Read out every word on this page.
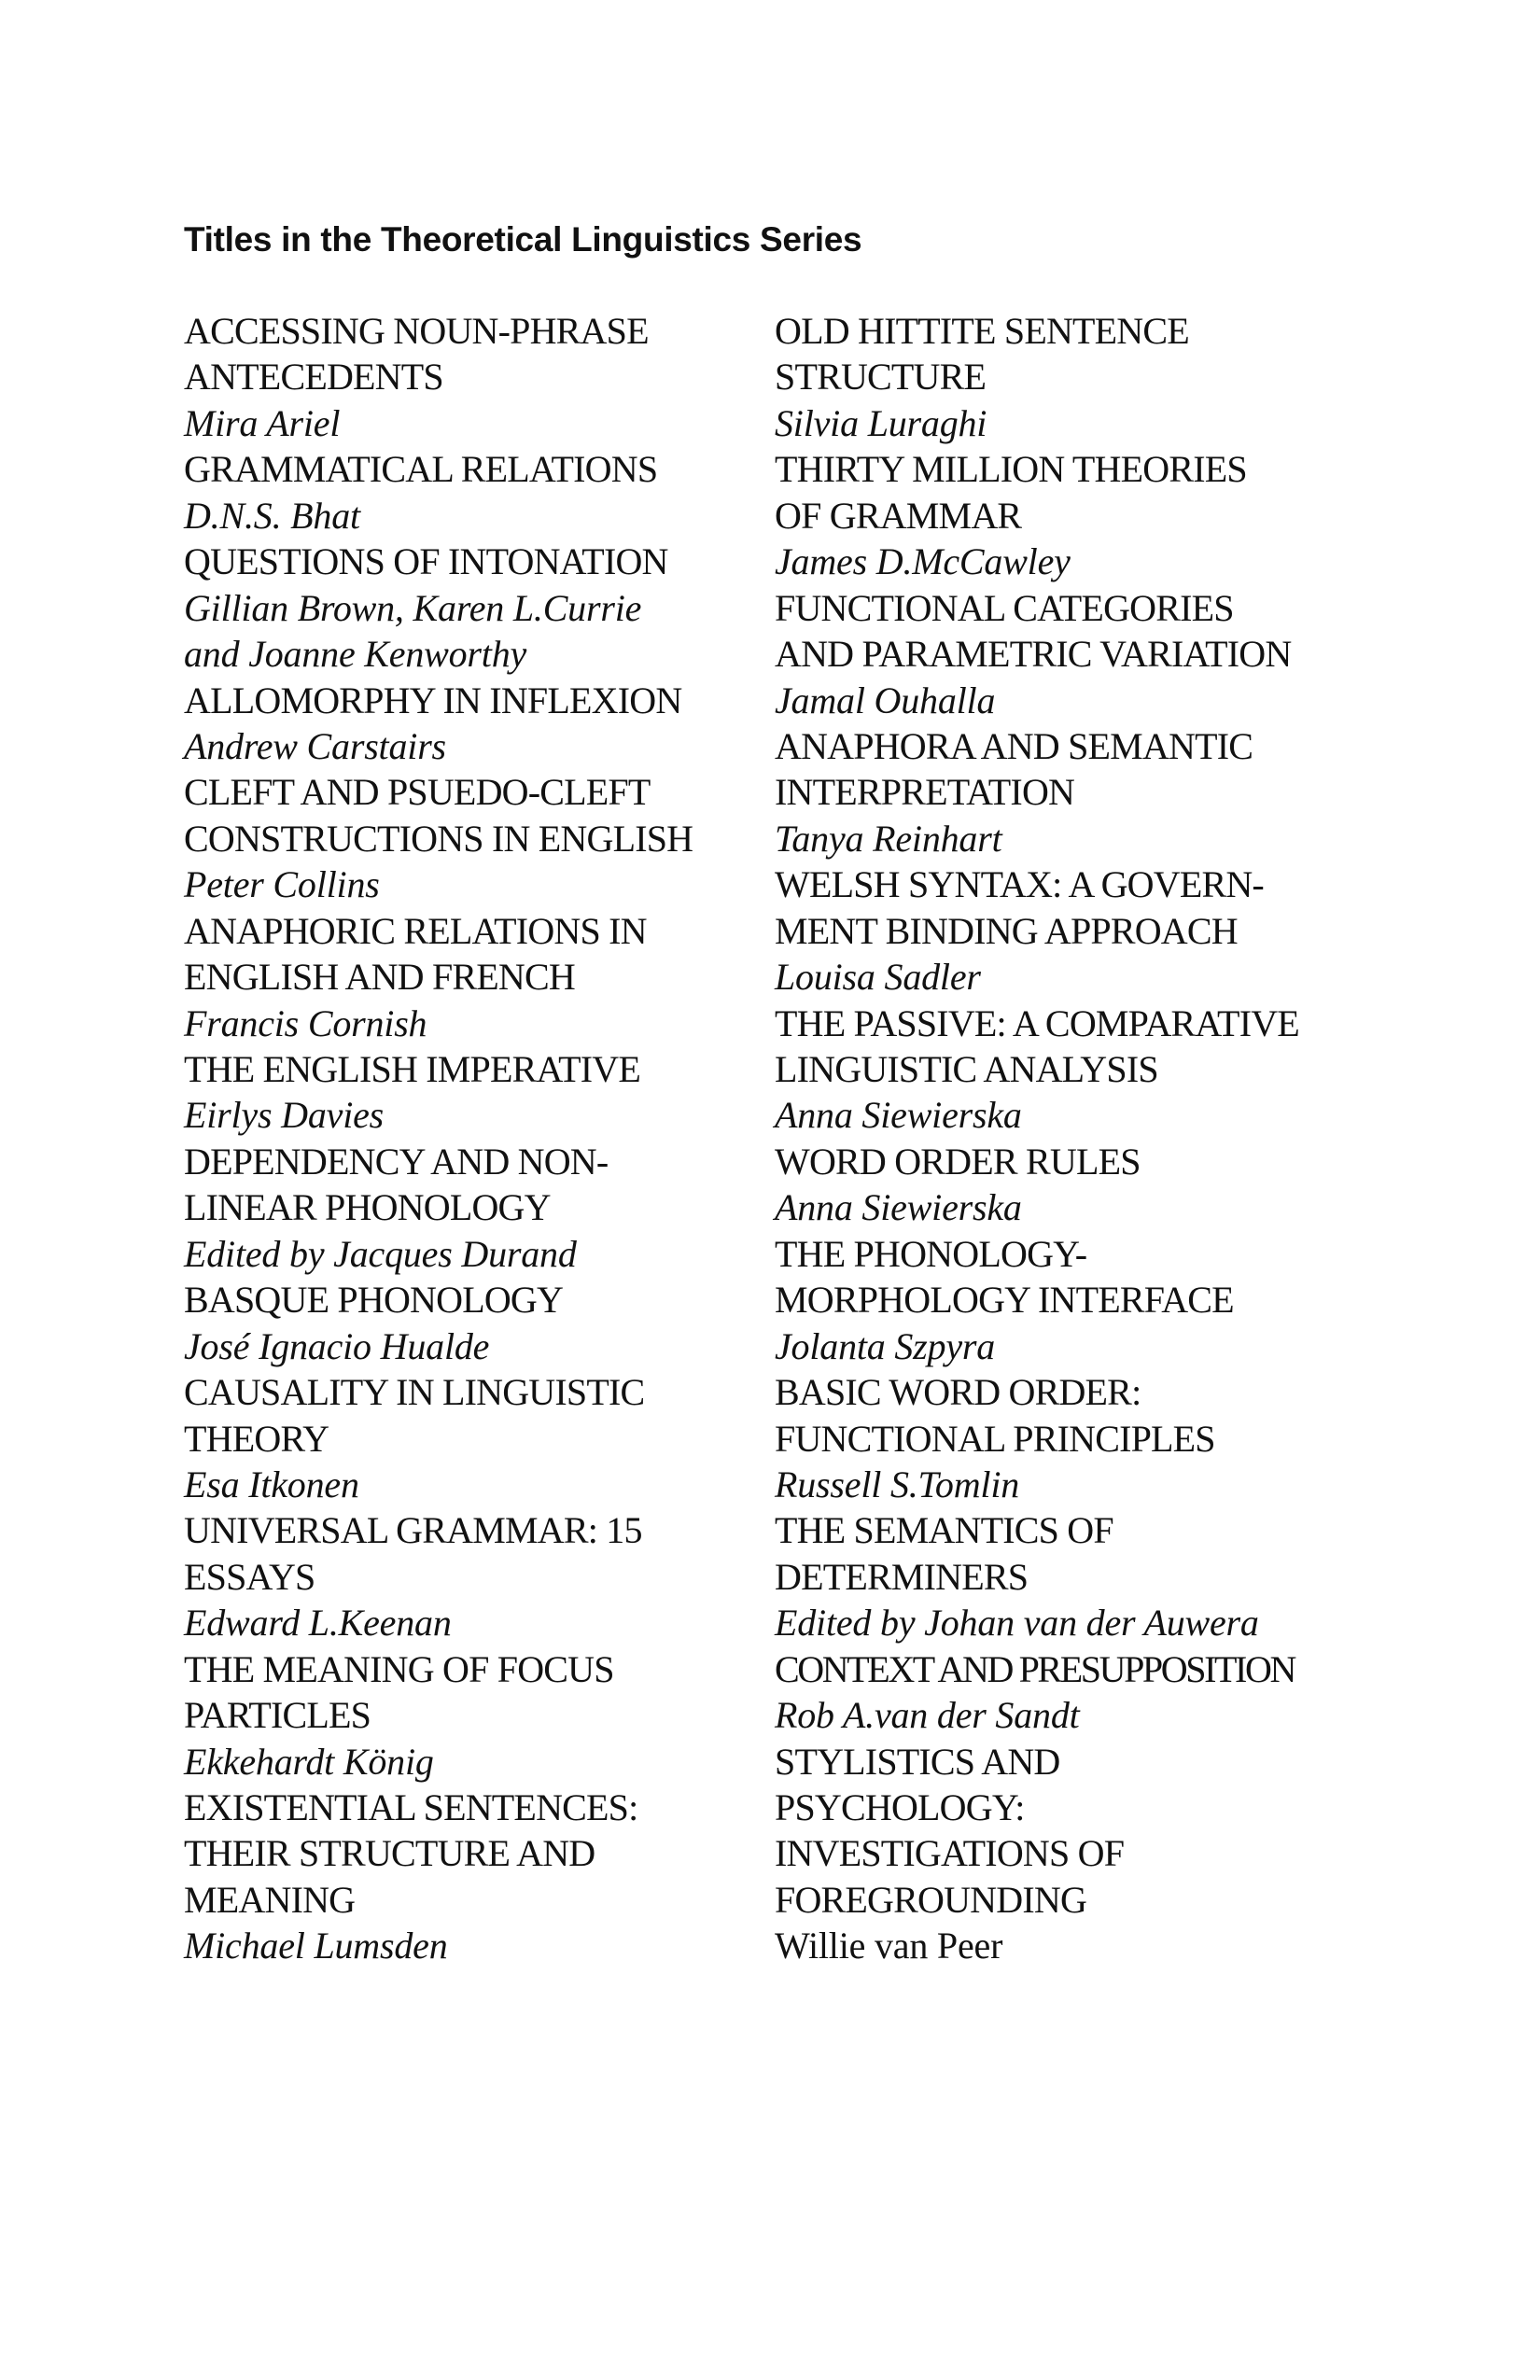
Titles in the Theoretical Linguistics Series
ACCESSING NOUN-PHRASE
ANTECEDENTS
Mira Ariel
GRAMMATICAL RELATIONS
D.N.S. Bhat
QUESTIONS OF INTONATION
Gillian Brown, Karen L.Currie
and Joanne Kenworthy
ALLOMORPHY IN INFLEXION
Andrew Carstairs
CLEFT AND PSUEDO-CLEFT
CONSTRUCTIONS IN ENGLISH
Peter Collins
ANAPHORIC RELATIONS IN
ENGLISH AND FRENCH
Francis Cornish
THE ENGLISH IMPERATIVE
Eirlys Davies
DEPENDENCY AND NON-
LINEAR PHONOLOGY
Edited by Jacques Durand
BASQUE PHONOLOGY
José Ignacio Hualde
CAUSALITY IN LINGUISTIC
THEORY
Esa Itkonen
UNIVERSAL GRAMMAR: 15
ESSAYS
Edward L.Keenan
THE MEANING OF FOCUS
PARTICLES
Ekkehardt König
EXISTENTIAL SENTENCES:
THEIR STRUCTURE AND
MEANING
Michael Lumsden
OLD HITTITE SENTENCE
STRUCTURE
Silvia Luraghi
THIRTY MILLION THEORIES
OF GRAMMAR
James D.McCawley
FUNCTIONAL CATEGORIES
AND PARAMETRIC VARIATION
Jamal Ouhalla
ANAPHORA AND SEMANTIC
INTERPRETATION
Tanya Reinhart
WELSH SYNTAX: A GOVERN-
MENT BINDING APPROACH
Louisa Sadler
THE PASSIVE: A COMPARATIVE
LINGUISTIC ANALYSIS
Anna Siewierska
WORD ORDER RULES
Anna Siewierska
THE PHONOLOGY-
MORPHOLOGY INTERFACE
Jolanta Szpyra
BASIC WORD ORDER:
FUNCTIONAL PRINCIPLES
Russell S.Tomlin
THE SEMANTICS OF
DETERMINERS
Edited by Johan van der Auwera
CONTEXT AND PRESUPPOSITION
Rob A.van der Sandt
STYLISTICS AND
PSYCHOLOGY:
INVESTIGATIONS OF
FOREGROUNDING
Willie van Peer
